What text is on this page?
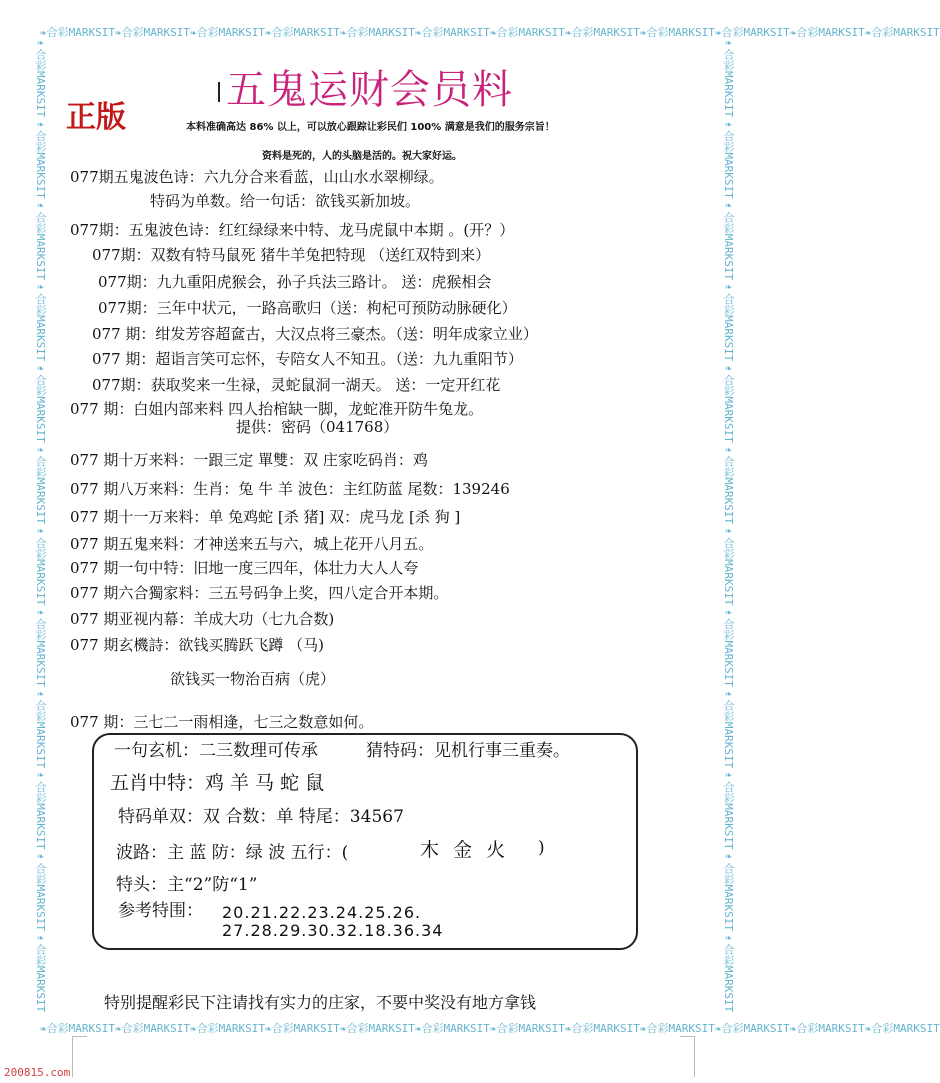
❧合彩MARKSIT❧合彩MARKSIT❧合彩MARKSIT❧合彩MARKSIT❧合彩MARKSIT❧合彩MARKSIT❧合彩MARKSIT❧合彩MARKSIT❧合彩MARKSIT❧合彩MARKSIT❧合彩MARKSIT❧合彩MARKSIT
❧合彩MARKSIT❧合彩MARKSIT❧合彩MARKSIT❧合彩MARKSIT❧合彩MARKSIT❧合彩MARKSIT❧合彩MARKSIT❧合彩MARKSIT❧合彩MARKSIT❧合彩MARKSIT❧合彩MARKSIT❧合彩MARKSIT
❧合彩MARKSIT❧合彩MARKSIT❧合彩MARKSIT❧合彩MARKSIT❧合彩MARKSIT❧合彩MARKSIT❧合彩MARKSIT❧合彩MARKSIT❧合彩MARKSIT❧合彩MARKSIT❧合彩MARKSIT❧合彩MARKSIT	❧合彩MARKSIT❧合彩MARKSIT❧合彩MARKSIT❧合彩MARKSIT❧合彩MARKSIT❧合彩MARKSIT❧合彩MARKSIT❧合彩MARKSIT❧合彩MARKSIT❧合彩MARKSIT❧合彩MARKSIT❧合彩MARKSIT
五鬼运财会员料
正版	本料准确高达 86% 以上，可以放心跟踪让彩民们 100% 满意是我们的服务宗旨！
资料是死的，人的头脑是活的。祝大家好运。
077期五鬼波色诗：六九分合来看蓝，山山水水翠柳绿。
特码为单数。给一句话：欲钱买新加坡。
077期：五鬼波色诗：红红绿绿来中特、龙马虎鼠中本期 。(开？）
077期：双数有特马鼠死 猪牛羊兔把特现 （送红双特到来）
077期：九九重阳虎猴会，孙子兵法三路计。 送：虎猴相会
077期：三年中状元，一路高歌归（送：枸杞可预防动脉硬化）
077 期：绀发芳容超奩古，大汉点将三豪杰。（送：明年成家立业）
077 期：超诣言笑可忘怀，专陪女人不知丑。（送：九九重阳节）
077期：获取奖来一生禄，灵蛇鼠洞一湖天。 送：一定开红花
077 期：白姐内部来料 四人抬棺缺一脚，龙蛇准开防牛兔龙。
提供：密码（041768）
077 期十万来料：一跟三定 單雙：双 庄家吃码肖：鸡
077 期八万来料：生肖：兔 牛 羊 波色：主红防蓝 尾数：139246
077 期十一万来料：单 兔鸡蛇 [杀 猪] 双：虎马龙 [杀 狗 ]
077 期五鬼来料：才神送来五与六，城上花开八月五。
077 期一句中特：旧地一度三四年，体壮力大人人夸
077 期六合獨家料：三五号码争上奖，四八定合开本期。
077 期亚视内幕：羊成大功（七九合数)
077 期玄機詩：欲钱买腾跃飞蹲 （马)
欲钱买一物治百病（虎）
077 期：三七二一雨相逢，七三之数意如何。
一句玄机：二三数理可传承	猜特码：见机行事三重奏。
五肖中特：鸡 羊 马 蛇 鼠
特码单双：双 合数：单 特尾：34567
波路：主 蓝 防：绿 波 五行：(	木 金 火 )
特头：主“2”防“1”
参考特围： 20.21.22.23.24.25.26.
27.28.29.30.32.18.36.34
特别提醒彩民下注请找有实力的庄家，不要中奖没有地方拿钱
200815.com
